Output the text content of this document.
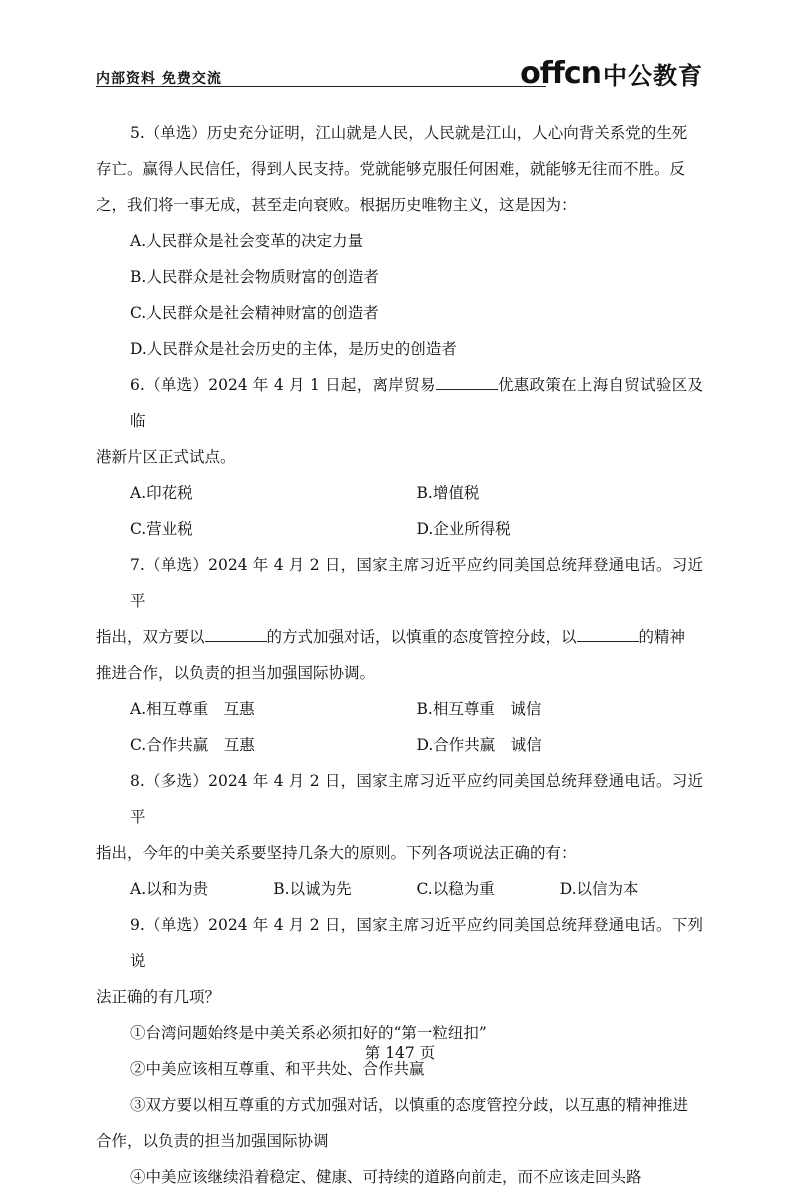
内部资料 免费交流	offcn 中公教育

5.（单选）历史充分证明，江山就是人民，人民就是江山，人心向背关系党的生死

存亡。赢得人民信任，得到人民支持。党就能够克服任何困难，就能够无往而不胜。反

之，我们将一事无成，甚至走向衰败。根据历史唯物主义，这是因为：

A.人民群众是社会变革的决定力量

B.人民群众是社会物质财富的创造者

C.人民群众是社会精神财富的创造者

D.人民群众是社会历史的主体，是历史的创造者

6.（单选）2024 年 4 月 1 日起，离岸贸易	优惠政策在上海自贸试验区及临

港新片区正式试点。

A.印花税	B.增值税
C.营业税	D.企业所得税

7.（单选）2024 年 4 月 2 日，国家主席习近平应约同美国总统拜登通电话。习近平

指出，双方要以	的方式加强对话，以慎重的态度管控分歧，以	的精神

推进合作，以负责的担当加强国际协调。

A.相互尊重　互惠	B.相互尊重　诚信
C.合作共赢　互惠	D.合作共赢　诚信

8.（多选）2024 年 4 月 2 日，国家主席习近平应约同美国总统拜登通电话。习近平

指出，今年的中美关系要坚持几条大的原则。下列各项说法正确的有：

A.以和为贵	B.以诚为先	C.以稳为重	D.以信为本

9.（单选）2024 年 4 月 2 日，国家主席习近平应约同美国总统拜登通电话。下列说

法正确的有几项？

①台湾问题始终是中美关系必须扣好的“第一粒纽扣”

②中美应该相互尊重、和平共处、合作共赢

③双方要以相互尊重的方式加强对话，以慎重的态度管控分歧，以互惠的精神推进

合作，以负责的担当加强国际协调

④中美应该继续沿着稳定、健康、可持续的道路向前走，而不应该走回头路

第 147 页
